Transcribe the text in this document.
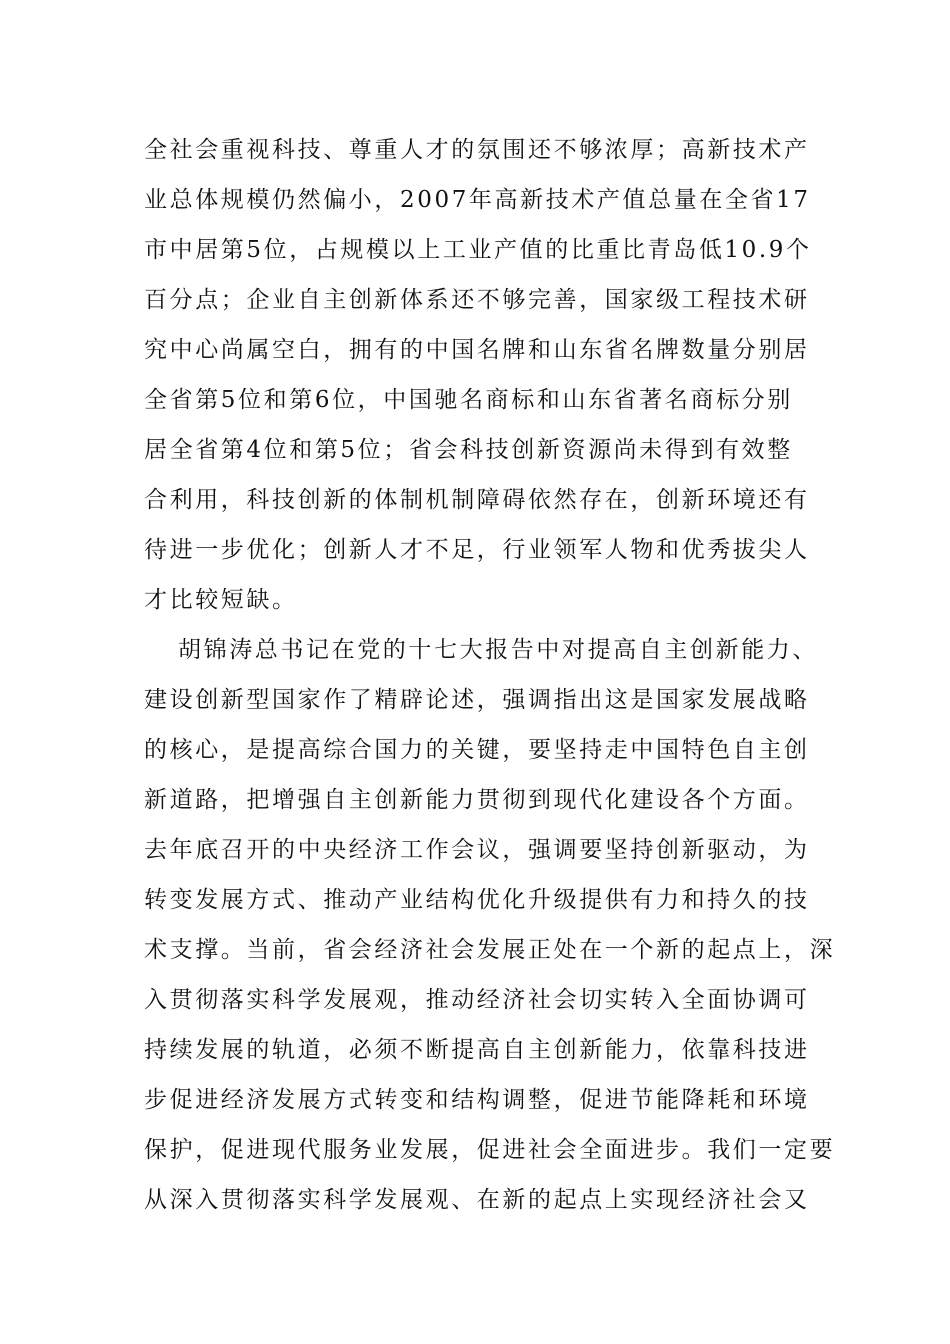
全社会重视科技、尊重人才的氛围还不够浓厚；高新技术产
业总体规模仍然偏小，2007年高新技术产值总量在全省17
市中居第5位，占规模以上工业产值的比重比青岛低10.9个
百分点；企业自主创新体系还不够完善，国家级工程技术研
究中心尚属空白，拥有的中国名牌和山东省名牌数量分别居
全省第5位和第6位，中国驰名商标和山东省著名商标分别
居全省第4位和第5位；省会科技创新资源尚未得到有效整
合利用，科技创新的体制机制障碍依然存在，创新环境还有
待进一步优化；创新人才不足，行业领军人物和优秀拔尖人
才比较短缺。
胡锦涛总书记在党的十七大报告中对提高自主创新能力、
建设创新型国家作了精辟论述，强调指出这是国家发展战略
的核心，是提高综合国力的关键，要坚持走中国特色自主创
新道路，把增强自主创新能力贯彻到现代化建设各个方面。
去年底召开的中央经济工作会议，强调要坚持创新驱动，为
转变发展方式、推动产业结构优化升级提供有力和持久的技
术支撑。当前，省会经济社会发展正处在一个新的起点上，深
入贯彻落实科学发展观，推动经济社会切实转入全面协调可
持续发展的轨道，必须不断提高自主创新能力，依靠科技进
步促进经济发展方式转变和结构调整，促进节能降耗和环境
保护，促进现代服务业发展，促进社会全面进步。我们一定要
从深入贯彻落实科学发展观、在新的起点上实现经济社会又
